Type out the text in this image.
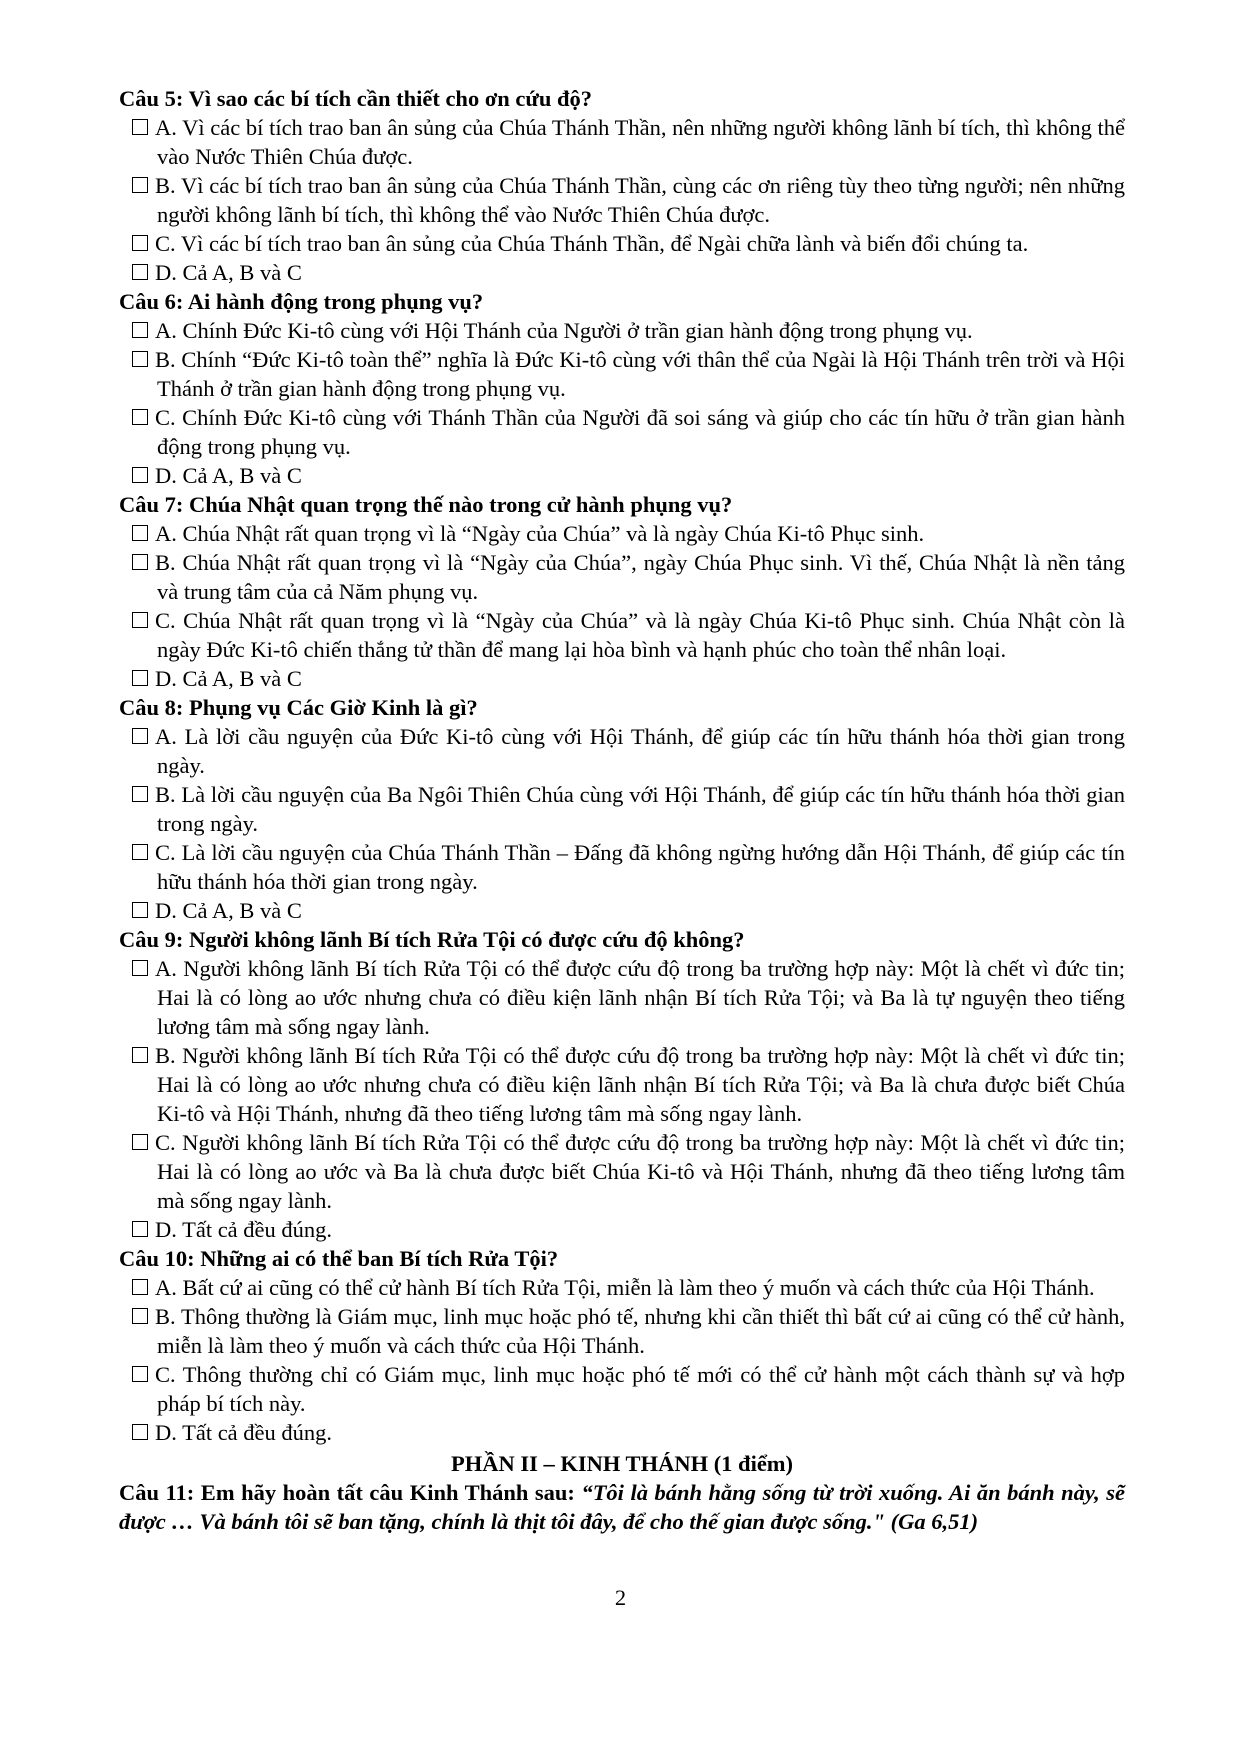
Câu 5: Vì sao các bí tích cần thiết cho ơn cứu độ?
A. Vì các bí tích trao ban ân sủng của Chúa Thánh Thần, nên những người không lãnh bí tích, thì không thể vào Nước Thiên Chúa được.
B. Vì các bí tích trao ban ân sủng của Chúa Thánh Thần, cùng các ơn riêng tùy theo từng người; nên những người không lãnh bí tích, thì không thể vào Nước Thiên Chúa được.
C. Vì các bí tích trao ban ân sủng của Chúa Thánh Thần, để Ngài chữa lành và biến đổi chúng ta.
D. Cả A, B và C
Câu 6: Ai hành động trong phụng vụ?
A. Chính Đức Ki-tô cùng với Hội Thánh của Người ở trần gian hành động trong phụng vụ.
B. Chính “Đức Ki-tô toàn thể” nghĩa là Đức Ki-tô cùng với thân thể của Ngài là Hội Thánh trên trời và Hội Thánh ở trần gian hành động trong phụng vụ.
C. Chính Đức Ki-tô cùng với Thánh Thần của Người đã soi sáng và giúp cho các tín hữu ở trần gian hành động trong phụng vụ.
D. Cả A, B và C
Câu 7: Chúa Nhật quan trọng thế nào trong cử hành phụng vụ?
A. Chúa Nhật rất quan trọng vì là “Ngày của Chúa” và là ngày Chúa Ki-tô Phục sinh.
B. Chúa Nhật rất quan trọng vì là “Ngày của Chúa”, ngày Chúa Phục sinh. Vì thế, Chúa Nhật là nền tảng và trung tâm của cả Năm phụng vụ.
C. Chúa Nhật rất quan trọng vì là “Ngày của Chúa” và là ngày Chúa Ki-tô Phục sinh. Chúa Nhật còn là ngày Đức Ki-tô chiến thắng tử thần để mang lại hòa bình và hạnh phúc cho toàn thể nhân loại.
D. Cả A, B và C
Câu 8: Phụng vụ Các Giờ Kinh là gì?
A. Là lời cầu nguyện của Đức Ki-tô cùng với Hội Thánh, để giúp các tín hữu thánh hóa thời gian trong ngày.
B. Là lời cầu nguyện của Ba Ngôi Thiên Chúa cùng với Hội Thánh, để giúp các tín hữu thánh hóa thời gian trong ngày.
C. Là lời cầu nguyện của Chúa Thánh Thần – Đấng đã không ngừng hướng dẫn Hội Thánh, để giúp các tín hữu thánh hóa thời gian trong ngày.
D. Cả A, B và C
Câu 9: Người không lãnh Bí tích Rửa Tội có được cứu độ không?
A. Người không lãnh Bí tích Rửa Tội có thể được cứu độ trong ba trường hợp này: Một là chết vì đức tin; Hai là có lòng ao ước nhưng chưa có điều kiện lãnh nhận Bí tích Rửa Tội; và Ba là tự nguyện theo tiếng lương tâm mà sống ngay lành.
B. Người không lãnh Bí tích Rửa Tội có thể được cứu độ trong ba trường hợp này: Một là chết vì đức tin; Hai là có lòng ao ước nhưng chưa có điều kiện lãnh nhận Bí tích Rửa Tội; và Ba là chưa được biết Chúa Ki-tô và Hội Thánh, nhưng đã theo tiếng lương tâm mà sống ngay lành.
C. Người không lãnh Bí tích Rửa Tội có thể được cứu độ trong ba trường hợp này: Một là chết vì đức tin; Hai là có lòng ao ước và Ba là chưa được biết Chúa Ki-tô và Hội Thánh, nhưng đã theo tiếng lương tâm mà sống ngay lành.
D. Tất cả đều đúng.
Câu 10: Những ai có thể ban Bí tích Rửa Tội?
A. Bất cứ ai cũng có thể cử hành Bí tích Rửa Tội, miễn là làm theo ý muốn và cách thức của Hội Thánh.
B. Thông thường là Giám mục, linh mục hoặc phó tế, nhưng khi cần thiết thì bất cứ ai cũng có thể cử hành, miễn là làm theo ý muốn và cách thức của Hội Thánh.
C. Thông thường chỉ có Giám mục, linh mục hoặc phó tế mới có thể cử hành một cách thành sự và hợp pháp bí tích này.
D. Tất cả đều đúng.
PHẦN II – KINH THÁNH (1 điểm)
Câu 11: Em hãy hoàn tất câu Kinh Thánh sau: “Tôi là bánh hằng sống từ trời xuống. Ai ăn bánh này, sẽ được … Và bánh tôi sẽ ban tặng, chính là thịt tôi đây, để cho thế gian được sống." (Ga 6,51)
2
